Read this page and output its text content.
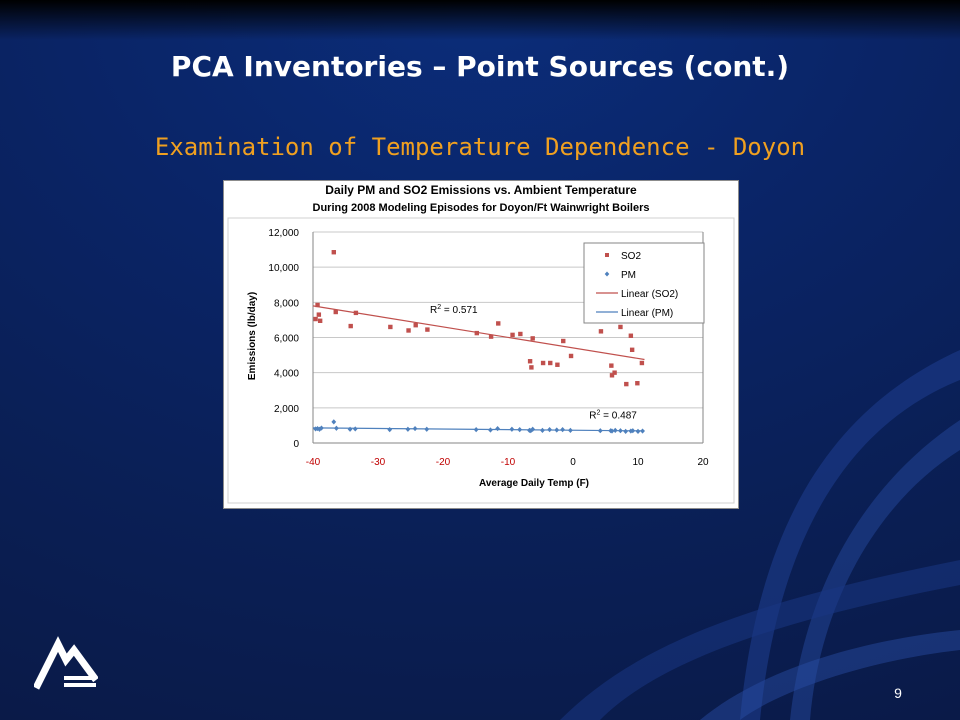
PCA Inventories – Point Sources (cont.)
Examination of Temperature Dependence - Doyon
Daily PM and SO2 Emissions vs. Ambient Temperature
During 2008 Modeling Episodes for Doyon/Ft Wainwright Boilers
0
2,000
4,000
6,000
8,000
10,000
12,000
-40	-30	-20	-10	0	10	20
Emissions (lb/day)
Average Daily Temp (F)
$R^2 = 0.571$
$R^2 = 0.487$
SO2
PM
Linear (SO2)
Linear (PM)
9
